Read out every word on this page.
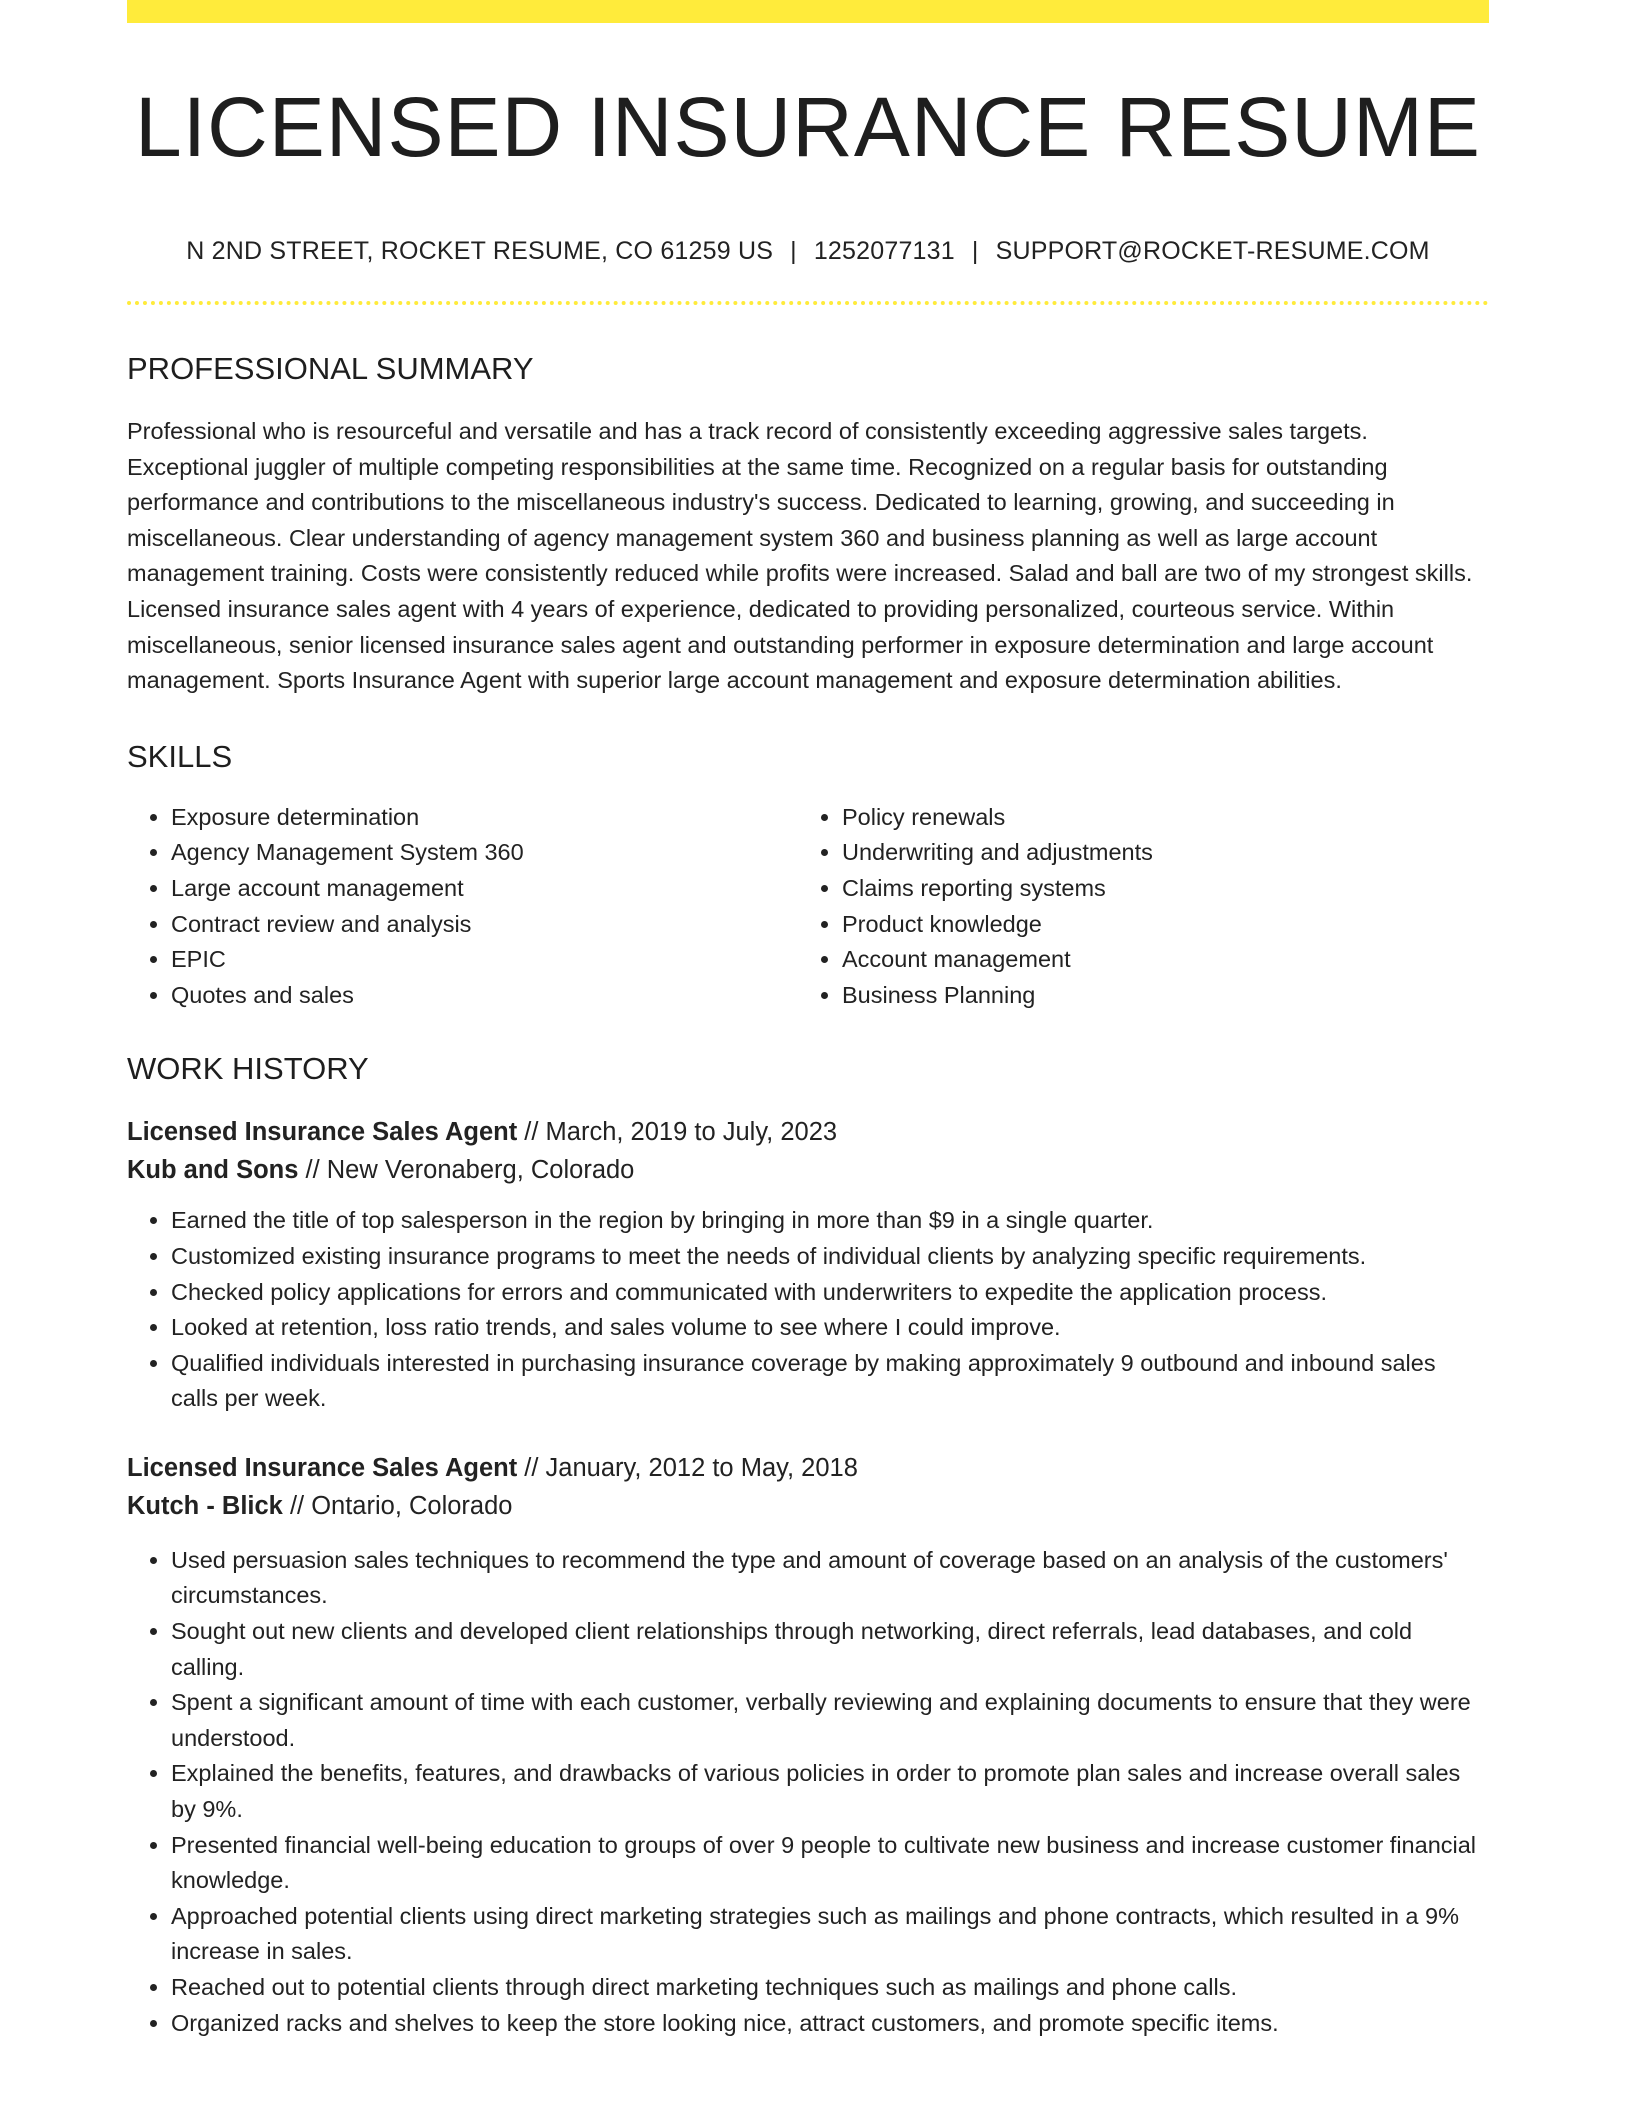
LICENSED INSURANCE RESUME
N 2ND STREET, ROCKET RESUME, CO 61259 US | 1252077131 | SUPPORT@ROCKET-RESUME.COM
PROFESSIONAL SUMMARY

Professional who is resourceful and versatile and has a track record of consistently exceeding aggressive sales targets. Exceptional juggler of multiple competing responsibilities at the same time. Recognized on a regular basis for outstanding performance and contributions to the miscellaneous industry's success. Dedicated to learning, growing, and succeeding in miscellaneous. Clear understanding of agency management system 360 and business planning as well as large account management training. Costs were consistently reduced while profits were increased. Salad and ball are two of my strongest skills. Licensed insurance sales agent with 4 years of experience, dedicated to providing personalized, courteous service. Within miscellaneous, senior licensed insurance sales agent and outstanding performer in exposure determination and large account management. Sports Insurance Agent with superior large account management and exposure determination abilities.

SKILLS
• Exposure determination
• Agency Management System 360
• Large account management
• Contract review and analysis
• EPIC
• Quotes and sales
• Policy renewals
• Underwriting and adjustments
• Claims reporting systems
• Product knowledge
• Account management
• Business Planning
WORK HISTORY
Licensed Insurance Sales Agent // March, 2019 to July, 2023
Kub and Sons // New Veronaberg, Colorado
• Earned the title of top salesperson in the region by bringing in more than $9 in a single quarter.
• Customized existing insurance programs to meet the needs of individual clients by analyzing specific requirements.
• Checked policy applications for errors and communicated with underwriters to expedite the application process.
• Looked at retention, loss ratio trends, and sales volume to see where I could improve.
• Qualified individuals interested in purchasing insurance coverage by making approximately 9 outbound and inbound sales calls per week.
Licensed Insurance Sales Agent // January, 2012 to May, 2018
Kutch - Blick // Ontario, Colorado
• Used persuasion sales techniques to recommend the type and amount of coverage based on an analysis of the customers' circumstances.
• Sought out new clients and developed client relationships through networking, direct referrals, lead databases, and cold calling.
• Spent a significant amount of time with each customer, verbally reviewing and explaining documents to ensure that they were understood.
• Explained the benefits, features, and drawbacks of various policies in order to promote plan sales and increase overall sales by 9%.
• Presented financial well-being education to groups of over 9 people to cultivate new business and increase customer financial knowledge.
• Approached potential clients using direct marketing strategies such as mailings and phone contracts, which resulted in a 9% increase in sales.
• Reached out to potential clients through direct marketing techniques such as mailings and phone calls.
• Organized racks and shelves to keep the store looking nice, attract customers, and promote specific items.
